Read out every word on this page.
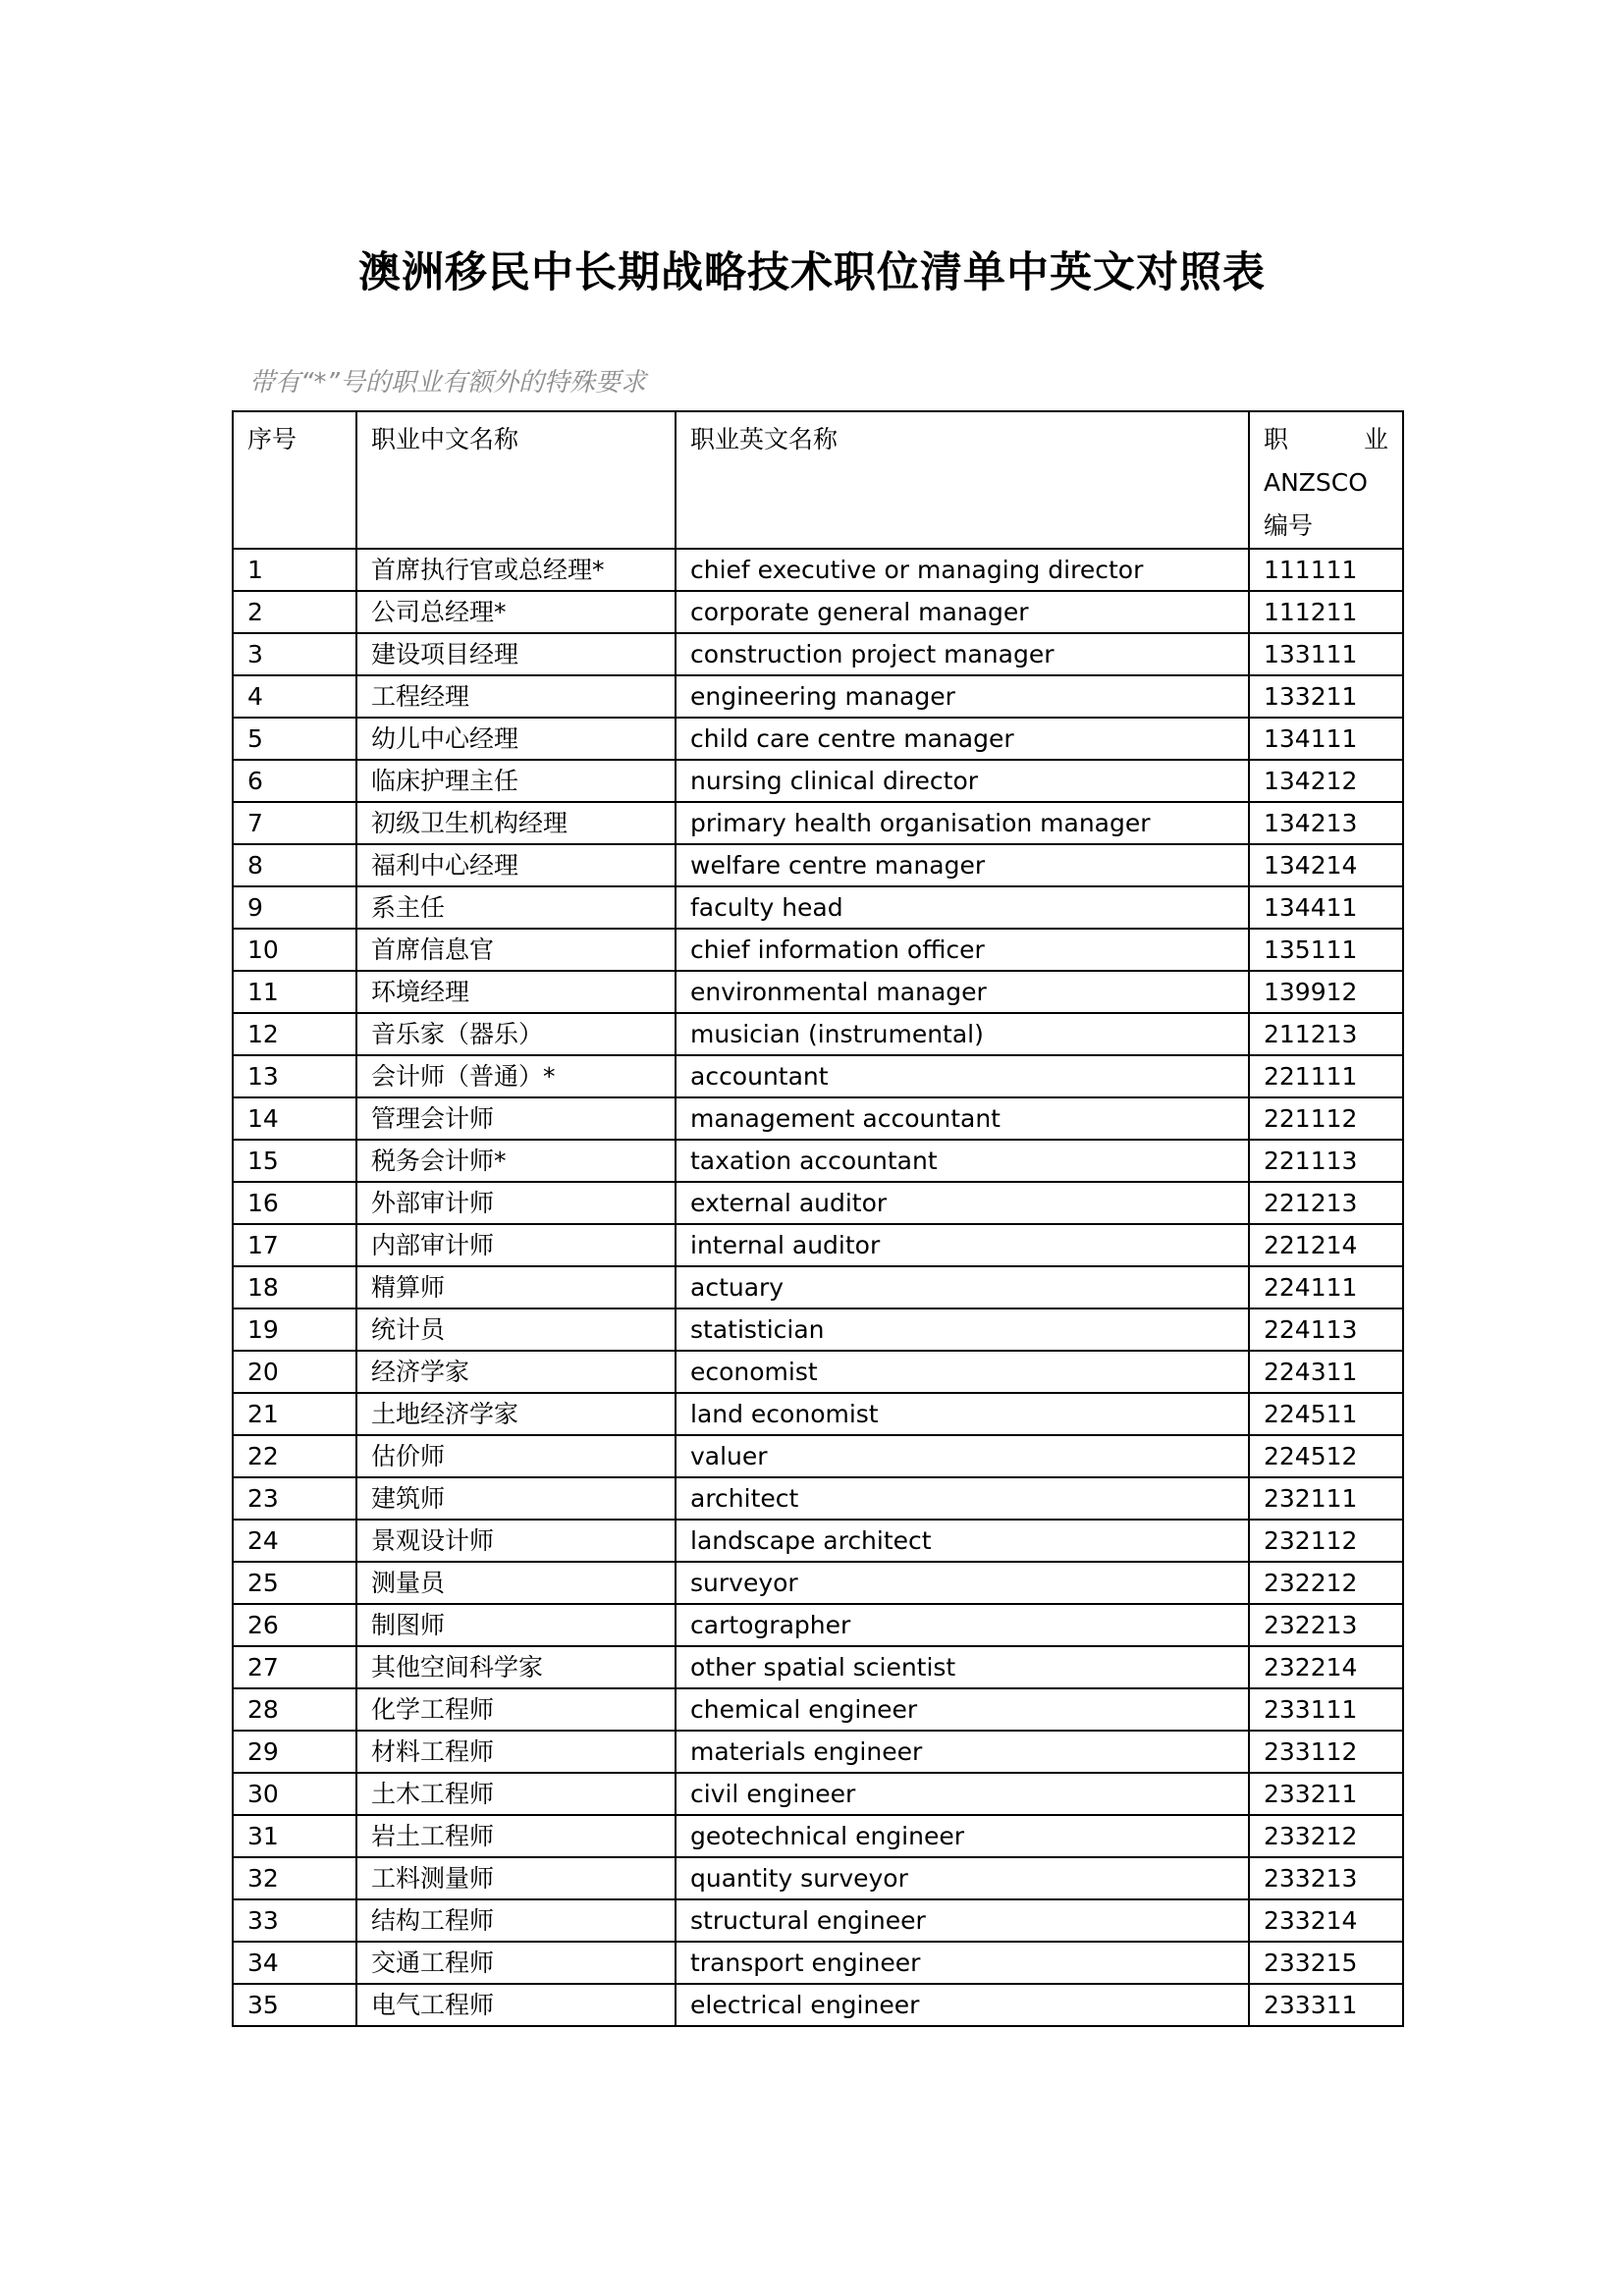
澳洲移民中长期战略技术职位清单中英文对照表
带有“*”号的职业有额外的特殊要求
序号	职业中文名称	职业英文名称	职 业
ANZSCO
编号

1	首席执行官或总经理*	chief executive or managing director	111111
2	公司总经理*	corporate general manager	111211
3	建设项目经理	construction project manager	133111
4	工程经理	engineering manager	133211
5	幼儿中心经理	child care centre manager	134111
6	临床护理主任	nursing clinical director	134212
7	初级卫生机构经理	primary health organisation manager	134213
8	福利中心经理	welfare centre manager	134214
9	系主任	faculty head	134411
10	首席信息官	chief information officer	135111
11	环境经理	environmental manager	139912
12	音乐家（器乐）	musician (instrumental)	211213
13	会计师（普通）*	accountant	221111
14	管理会计师	management accountant	221112
15	税务会计师*	taxation accountant	221113
16	外部审计师	external auditor	221213
17	内部审计师	internal auditor	221214
18	精算师	actuary	224111
19	统计员	statistician	224113
20	经济学家	economist	224311
21	土地经济学家	land economist	224511
22	估价师	valuer	224512
23	建筑师	architect	232111
24	景观设计师	landscape architect	232112
25	测量员	surveyor	232212
26	制图师	cartographer	232213
27	其他空间科学家	other spatial scientist	232214
28	化学工程师	chemical engineer	233111
29	材料工程师	materials engineer	233112
30	土木工程师	civil engineer	233211
31	岩土工程师	geotechnical engineer	233212
32	工料测量师	quantity surveyor	233213
33	结构工程师	structural engineer	233214
34	交通工程师	transport engineer	233215
35	电气工程师	electrical engineer	233311
